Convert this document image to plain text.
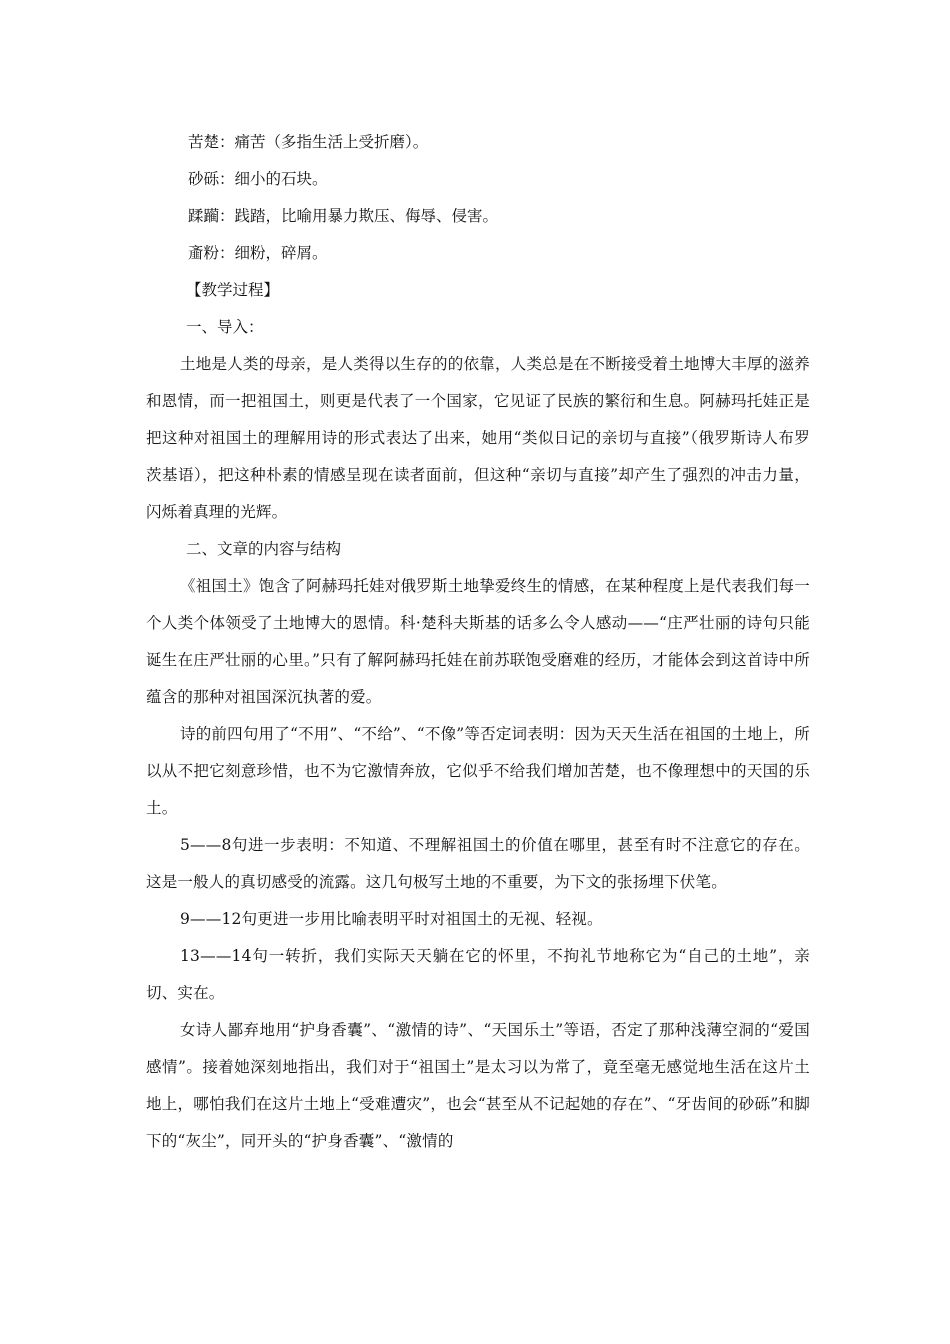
苦楚：痛苦（多指生活上受折磨）。

砂砾：细小的石块。

蹂躏：践踏，比喻用暴力欺压、侮辱、侵害。

齑粉：细粉，碎屑。

【教学过程】

一、导入：

土地是人类的母亲，是人类得以生存的的依靠，人类总是在不断接受着土地博大丰厚的滋养和恩情，而一把祖国土，则更是代表了一个国家，它见证了民族的繁衍和生息。阿赫玛托娃正是把这种对祖国土的理解用诗的形式表达了出来，她用“类似日记的亲切与直接”（俄罗斯诗人布罗茨基语），把这种朴素的情感呈现在读者面前，但这种“亲切与直接”却产生了强烈的冲击力量，闪烁着真理的光辉。

二、文章的内容与结构

《祖国土》饱含了阿赫玛托娃对俄罗斯土地挚爱终生的情感，在某种程度上是代表我们每一个人类个体领受了土地博大的恩情。科·楚科夫斯基的话多么令人感动——“庄严壮丽的诗句只能诞生在庄严壮丽的心里。”只有了解阿赫玛托娃在前苏联饱受磨难的经历，才能体会到这首诗中所蕴含的那种对祖国深沉执著的爱。

诗的前四句用了“不用”、“不给”、“不像”等否定词表明：因为天天生活在祖国的土地上，所以从不把它刻意珍惜，也不为它激情奔放，它似乎不给我们增加苦楚，也不像理想中的天国的乐土。

5——8句进一步表明：不知道、不理解祖国土的价值在哪里，甚至有时不注意它的存在。这是一般人的真切感受的流露。这几句极写土地的不重要，为下文的张扬埋下伏笔。

9——12句更进一步用比喻表明平时对祖国土的无视、轻视。

13——14句一转折，我们实际天天躺在它的怀里，不拘礼节地称它为“自己的土地”，亲切、实在。

女诗人鄙弃地用“护身香囊”、“激情的诗”、“天国乐土”等语，否定了那种浅薄空洞的“爱国感情”。接着她深刻地指出，我们对于“祖国土”是太习以为常了，竟至毫无感觉地生活在这片土地上，哪怕我们在这片土地上“受难遭灾”，也会“甚至从不记起她的存在”、“牙齿间的砂砾”和脚下的“灰尘”，同开头的“护身香囊”、“激情的
